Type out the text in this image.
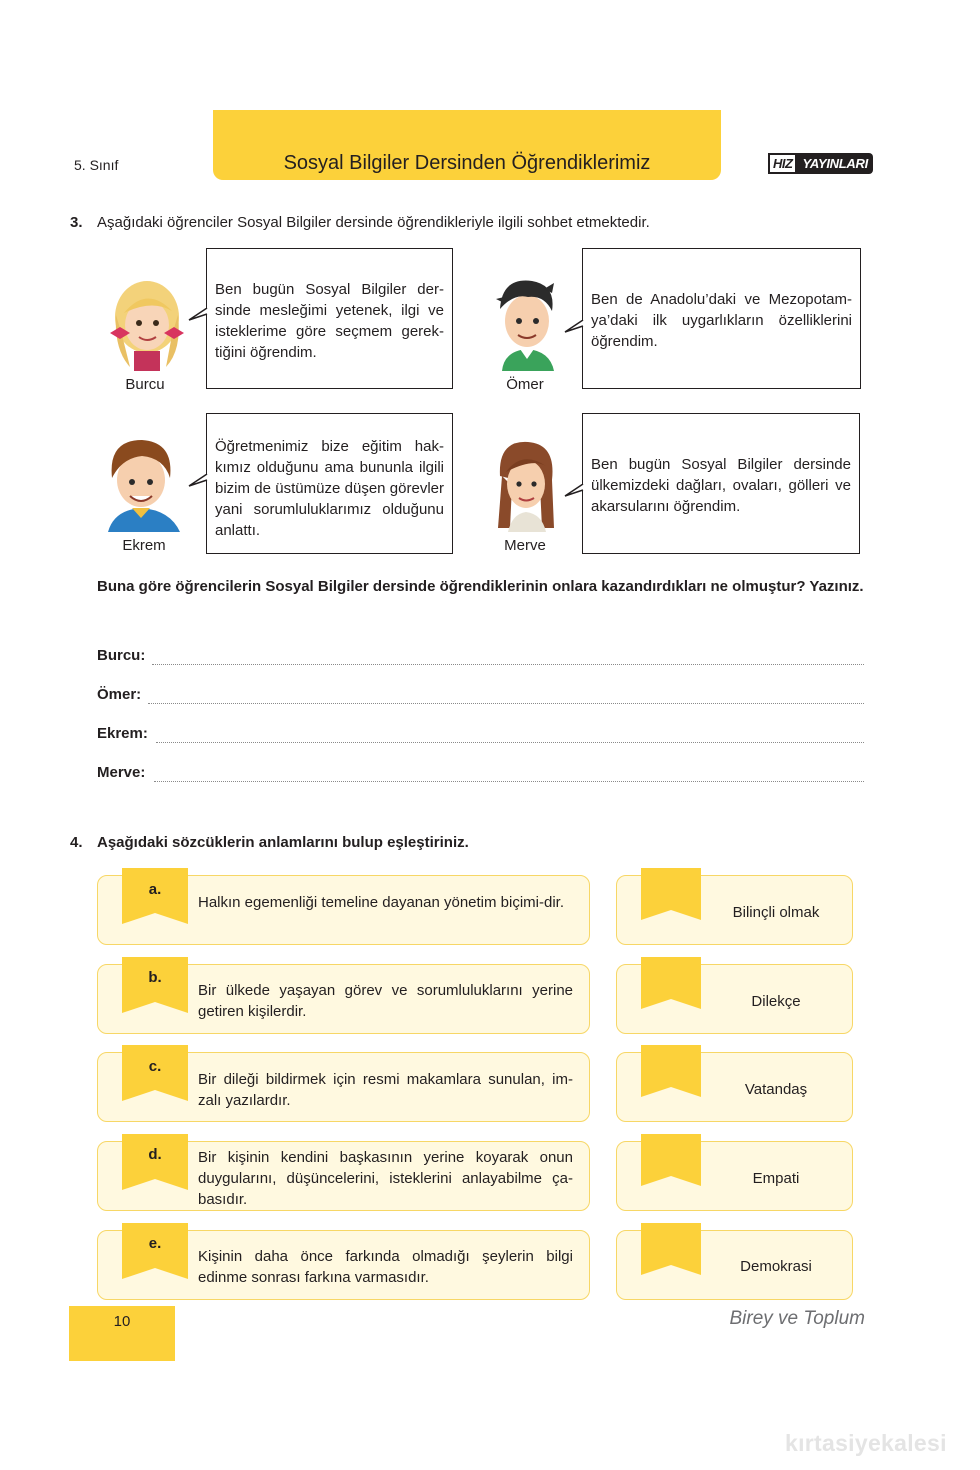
5. Sınıf	Sosyal Bilgiler Dersinden Öğrendiklerimiz	HIZ YAYINLARI
3. Aşağıdaki öğrenciler Sosyal Bilgiler dersinde öğrendikleriyle ilgili sohbet etmektedir.
Burcu
Ben bugün Sosyal Bilgiler der-sinde mesleğimi yetenek, ilgi ve isteklerime göre seçmem gerek-tiğini öğrendim.
Ömer
Ben de Anadolu’daki ve Mezopotam-ya’daki ilk uygarlıkların özelliklerini öğrendim.
Ekrem
Öğretmenimiz bize eğitim hak-kımız olduğunu ama bununla ilgili bizim de üstümüze düşen görevler yani sorumluluklarımız olduğunu anlattı.
Merve
Ben bugün Sosyal Bilgiler dersinde ülkemizdeki dağları, ovaları, gölleri ve akarsularını öğrendim.
Buna göre öğrencilerin Sosyal Bilgiler dersinde öğrendiklerinin onlara kazandırdıkları ne olmuştur? Yazınız.
Burcu:
Ömer:
Ekrem:
Merve:
4. Aşağıdaki sözcüklerin anlamlarını bulup eşleştiriniz.
a.
Halkın egemenliği temeline dayanan yönetim biçimi-dir.
Bilinçli olmak
b.
Bir ülkede yaşayan görev ve sorumluluklarını yerine getiren kişilerdir.
Dilekçe
c.
Bir dileği bildirmek için resmi makamlara sunulan, im-zalı yazılardır.
Vatandaş
d.	Bir kişinin kendini başkasının yerine koyarak onun duygularını, düşüncelerini, isteklerini anlayabilme ça-basıdır.
Empati
e.
Kişinin daha önce farkında olmadığı şeylerin bilgi edinme sonrası farkına varmasıdır.
Demokrasi
10	Birey ve Toplum
kırtasiyekalesi
